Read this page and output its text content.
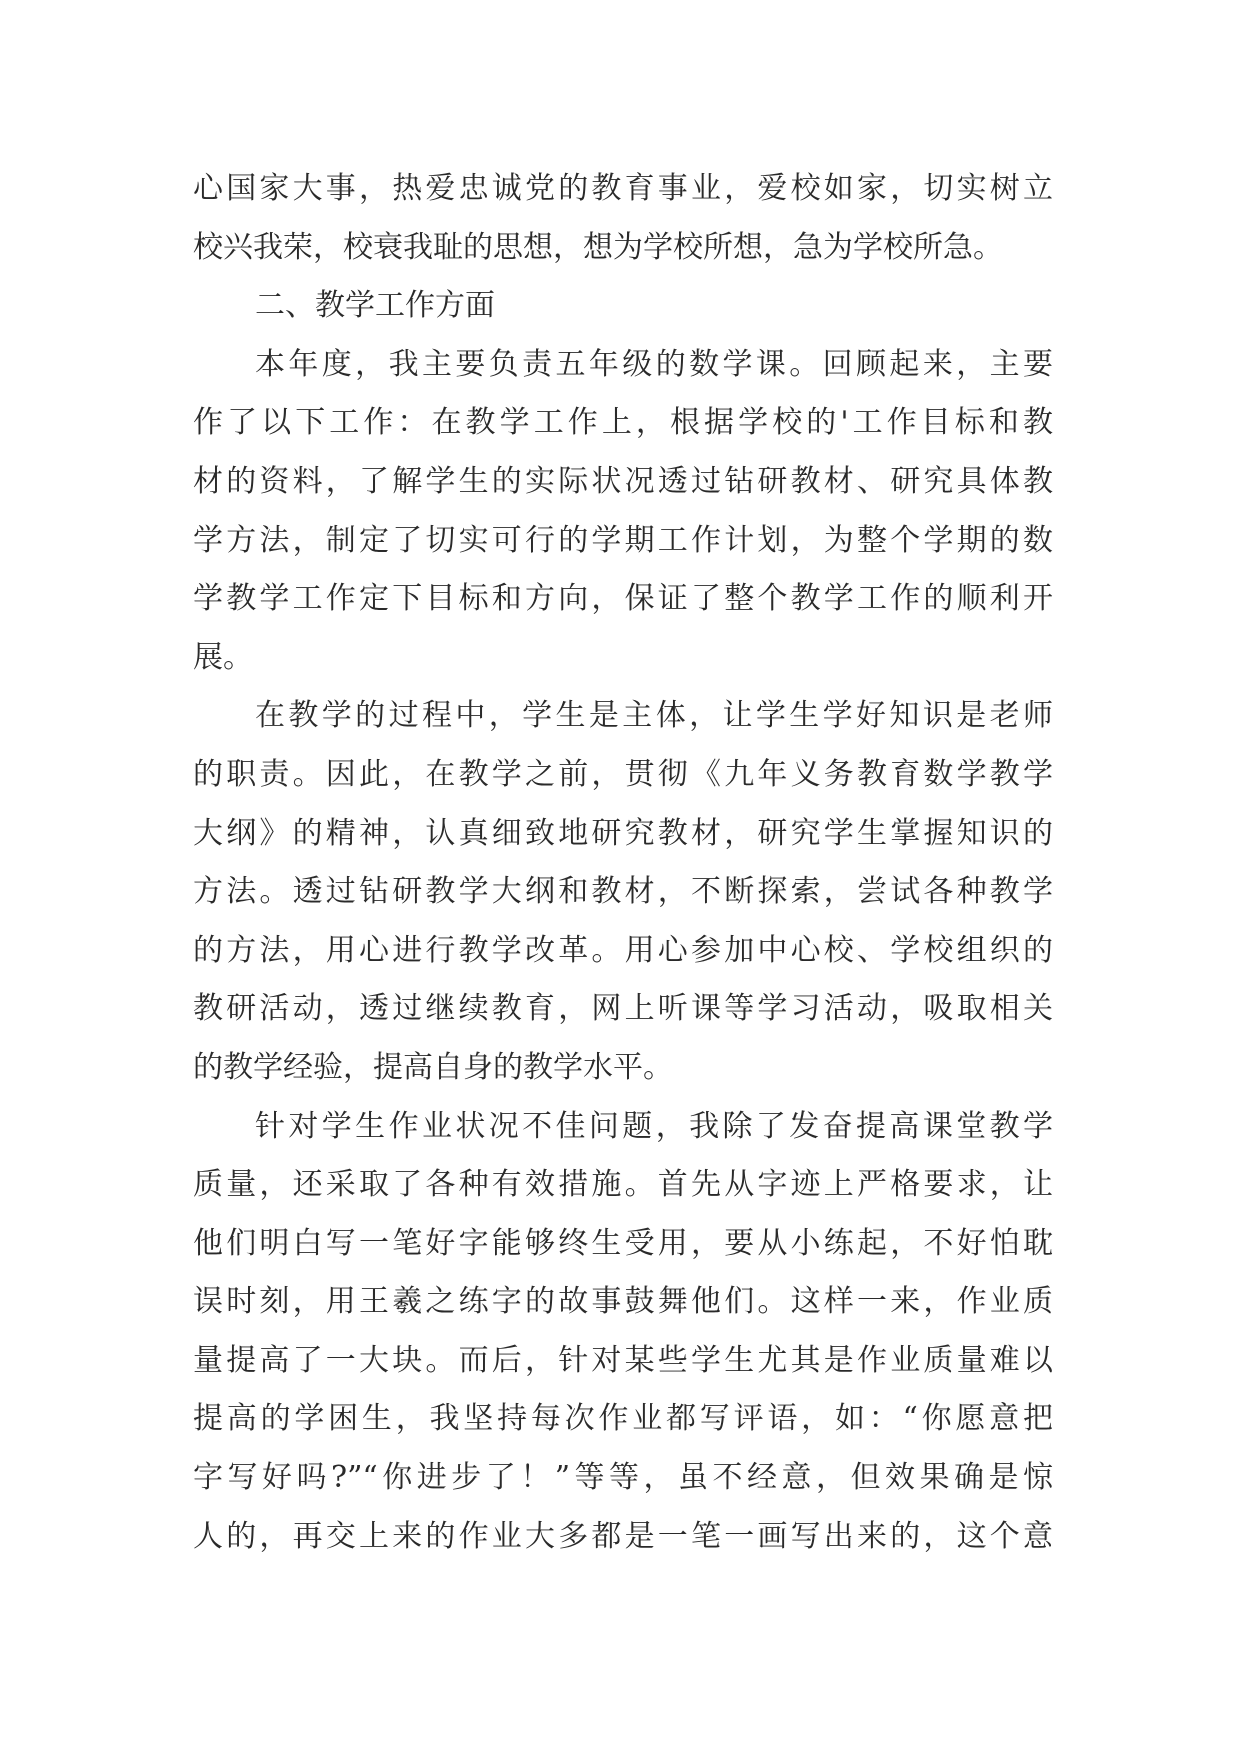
心国家大事，热爱忠诚党的教育事业，爱校如家，切实树立
校兴我荣，校衰我耻的思想，想为学校所想，急为学校所急。
二、教学工作方面
本年度，我主要负责五年级的数学课。回顾起来，主要
作了以下工作：在教学工作上，根据学校的'工作目标和教
材的资料，了解学生的实际状况透过钻研教材、研究具体教
学方法，制定了切实可行的学期工作计划，为整个学期的数
学教学工作定下目标和方向，保证了整个教学工作的顺利开
展。
在教学的过程中，学生是主体，让学生学好知识是老师
的职责。因此，在教学之前，贯彻《九年义务教育数学教学
大纲》的精神，认真细致地研究教材，研究学生掌握知识的
方法。透过钻研教学大纲和教材，不断探索，尝试各种教学
的方法，用心进行教学改革。用心参加中心校、学校组织的
教研活动，透过继续教育，网上听课等学习活动，吸取相关
的教学经验，提高自身的教学水平。
针对学生作业状况不佳问题，我除了发奋提高课堂教学
质量，还采取了各种有效措施。首先从字迹上严格要求，让
他们明白写一笔好字能够终生受用，要从小练起，不好怕耽
误时刻，用王羲之练字的故事鼓舞他们。这样一来，作业质
量提高了一大块。而后，针对某些学生尤其是作业质量难以
提高的学困生，我坚持每次作业都写评语，如：“你愿意把
字写好吗?”“你进步了！”等等，虽不经意，但效果确是惊
人的，再交上来的作业大多都是一笔一画写出来的，这个意
